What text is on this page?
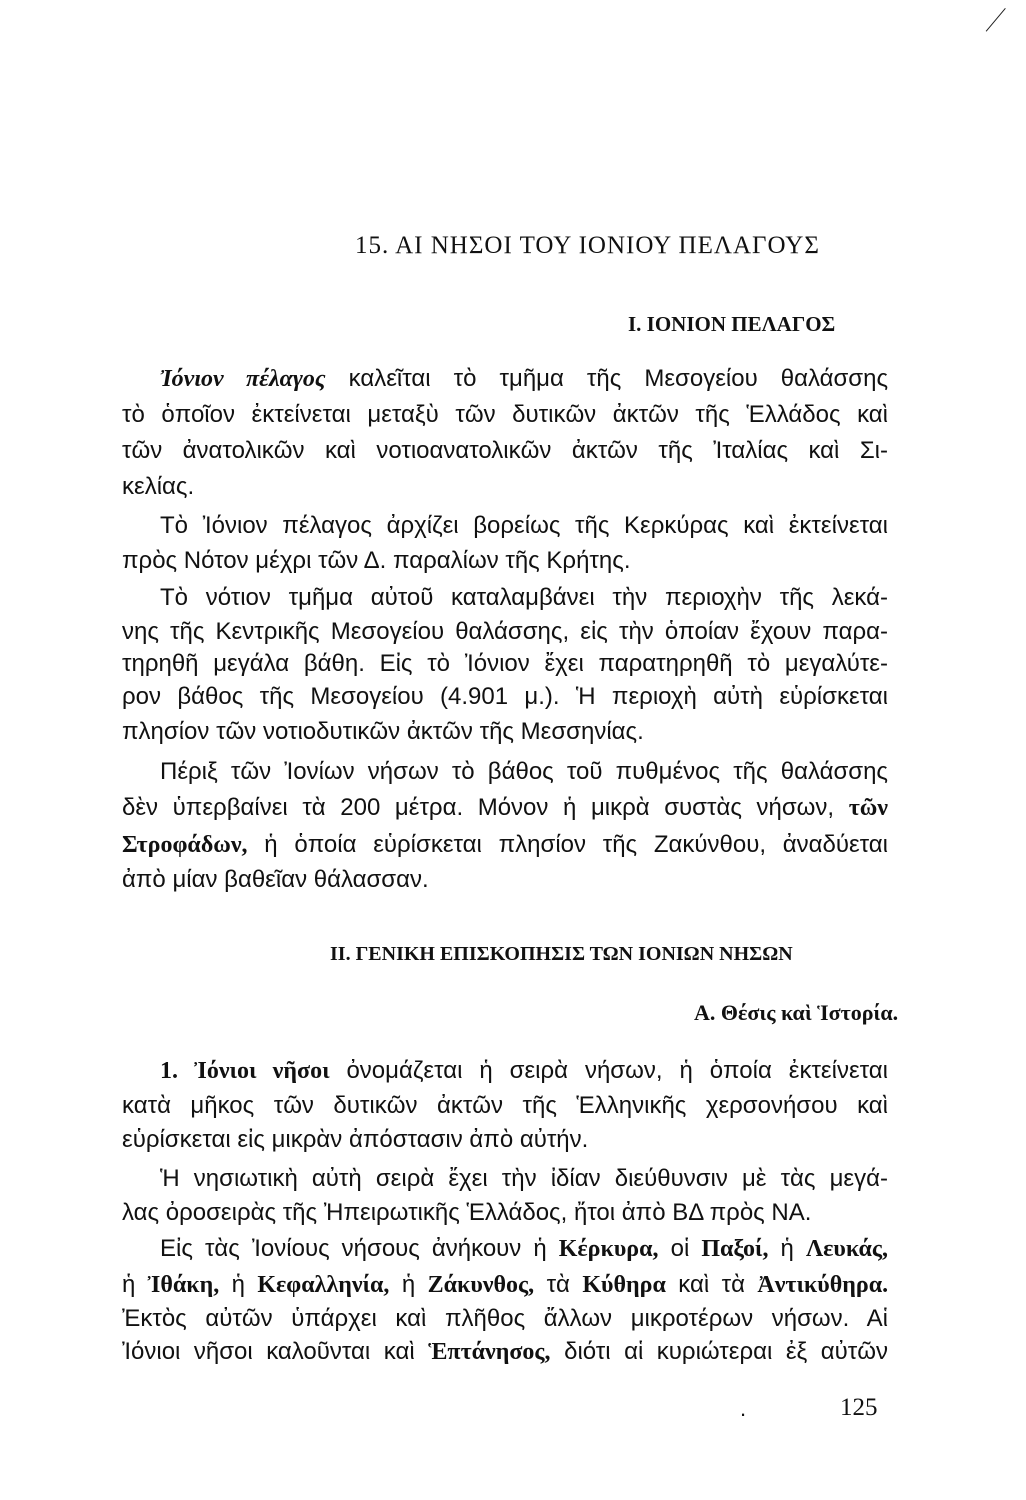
15. ΑΙ ΝΗΣΟΙ ΤΟΥ ΙΟΝΙΟΥ ΠΕΛΑΓΟΥΣ
I. ΙΟΝΙΟΝ ΠΕΛΑΓΟΣ
Ἰόνιον πέλαγος καλεῖται τὸ τμῆμα τῆς Μεσογείου θαλάσσης
τὸ ὁποῖον ἐκτείνεται μεταξὺ τῶν δυτικῶν ἀκτῶν τῆς Ἑλλάδος καὶ
τῶν ἀνατολικῶν καὶ νοτιοανατολικῶν ἀκτῶν τῆς Ἰταλίας καὶ Σι-
κελίας.
Τὸ Ἰόνιον πέλαγος ἀρχίζει βορείως τῆς Κερκύρας καὶ ἐκτείνεται
πρὸς Νότον μέχρι τῶν Δ. παραλίων τῆς Κρήτης.
Τὸ νότιον τμῆμα αὐτοῦ καταλαμβάνει τὴν περιοχὴν τῆς λεκά-
νης τῆς Κεντρικῆς Μεσογείου θαλάσσης, εἰς τὴν ὁποίαν ἔχουν παρα-
τηρηθῆ μεγάλα βάθη. Εἰς τὸ Ἰόνιον ἔχει παρατηρηθῆ τὸ μεγαλύτε-
ρον βάθος τῆς Μεσογείου (4.901 μ.). Ἡ περιοχὴ αὐτὴ εὑρίσκεται
πλησίον τῶν νοτιοδυτικῶν ἀκτῶν τῆς Μεσσηνίας.
Πέριξ τῶν Ἰονίων νήσων τὸ βάθος τοῦ πυθμένος τῆς θαλάσσης
δὲν ὑπερβαίνει τὰ 200 μέτρα. Μόνον ἡ μικρὰ συστὰς νήσων, τῶν
Στροφάδων, ἡ ὁποία εὑρίσκεται πλησίον τῆς Ζακύνθου, ἀναδύεται
ἀπὸ μίαν βαθεῖαν θάλασσαν.
II. ΓΕΝΙΚΗ ΕΠΙΣΚΟΠΗΣΙΣ ΤΩΝ ΙΟΝΙΩΝ ΝΗΣΩΝ
Α. Θέσις καὶ Ἱστορία.
1. Ἰόνιοι νῆσοι ὀνομάζεται ἡ σειρὰ νήσων, ἡ ὁποία ἐκτείνεται
κατὰ μῆκος τῶν δυτικῶν ἀκτῶν τῆς Ἑλληνικῆς χερσονήσου καὶ
εὑρίσκεται εἰς μικρὰν ἀπόστασιν ἀπὸ αὐτήν.
Ἡ νησιωτικὴ αὐτὴ σειρὰ ἔχει τὴν ἰδίαν διεύθυνσιν μὲ τὰς μεγά-
λας ὀροσειρὰς τῆς Ἠπειρωτικῆς Ἑλλάδος, ἤτοι ἀπὸ ΒΔ πρὸς ΝΑ.
Εἰς τὰς Ἰονίους νήσους ἀνήκουν ἡ Κέρκυρα, οἱ Παξοί, ἡ Λευκάς,
ἡ Ἰθάκη, ἡ Κεφαλληνία, ἡ Ζάκυνθος, τὰ Κύθηρα καὶ τὰ Ἀντικύθηρα.
Ἐκτὸς αὐτῶν ὑπάρχει καὶ πλῆθος ἄλλων μικροτέρων νήσων. Αἱ
Ἰόνιοι νῆσοι καλοῦνται καὶ Ἑπτάνησος, διότι αἱ κυριώτεραι ἐξ αὐτῶν
.	125
